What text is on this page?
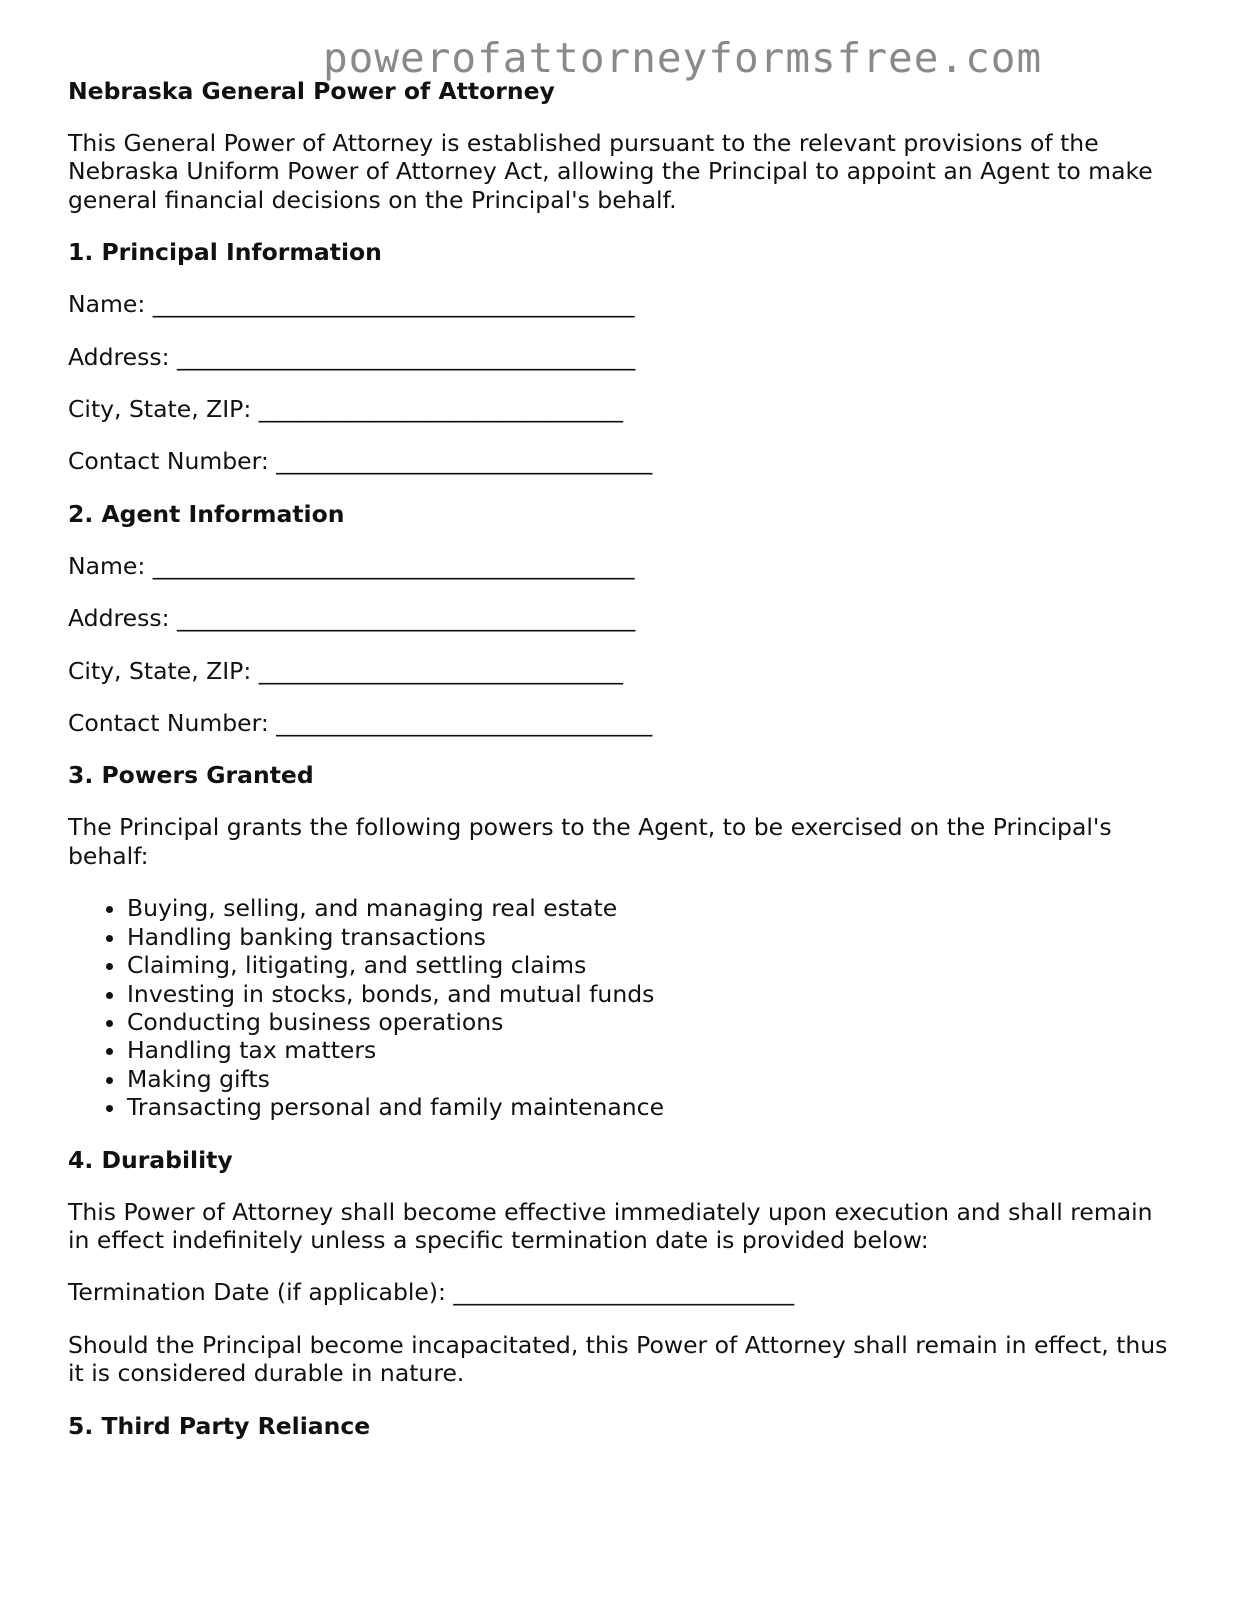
powerofattorneyformsfree.com
Nebraska General Power of Attorney

This General Power of Attorney is established pursuant to the relevant provisions of the Nebraska Uniform Power of Attorney Act, allowing the Principal to appoint an Agent to make general financial decisions on the Principal's behalf.

1. Principal Information
Name: _________________________________________
Address: _______________________________________
City, State, ZIP: _______________________________
Contact Number: ________________________________
2. Agent Information
Name: _________________________________________
Address: _______________________________________
City, State, ZIP: _______________________________
Contact Number: ________________________________
3. Powers Granted

The Principal grants the following powers to the Agent, to be exercised on the Principal's behalf:

• Buying, selling, and managing real estate
• Handling banking transactions
• Claiming, litigating, and settling claims
• Investing in stocks, bonds, and mutual funds
• Conducting business operations
• Handling tax matters
• Making gifts
• Transacting personal and family maintenance
4. Durability

This Power of Attorney shall become effective immediately upon execution and shall remain in effect indefinitely unless a specific termination date is provided below:

Termination Date (if applicable): _____________________________

Should the Principal become incapacitated, this Power of Attorney shall remain in effect, thus it is considered durable in nature.

5. Third Party Reliance
